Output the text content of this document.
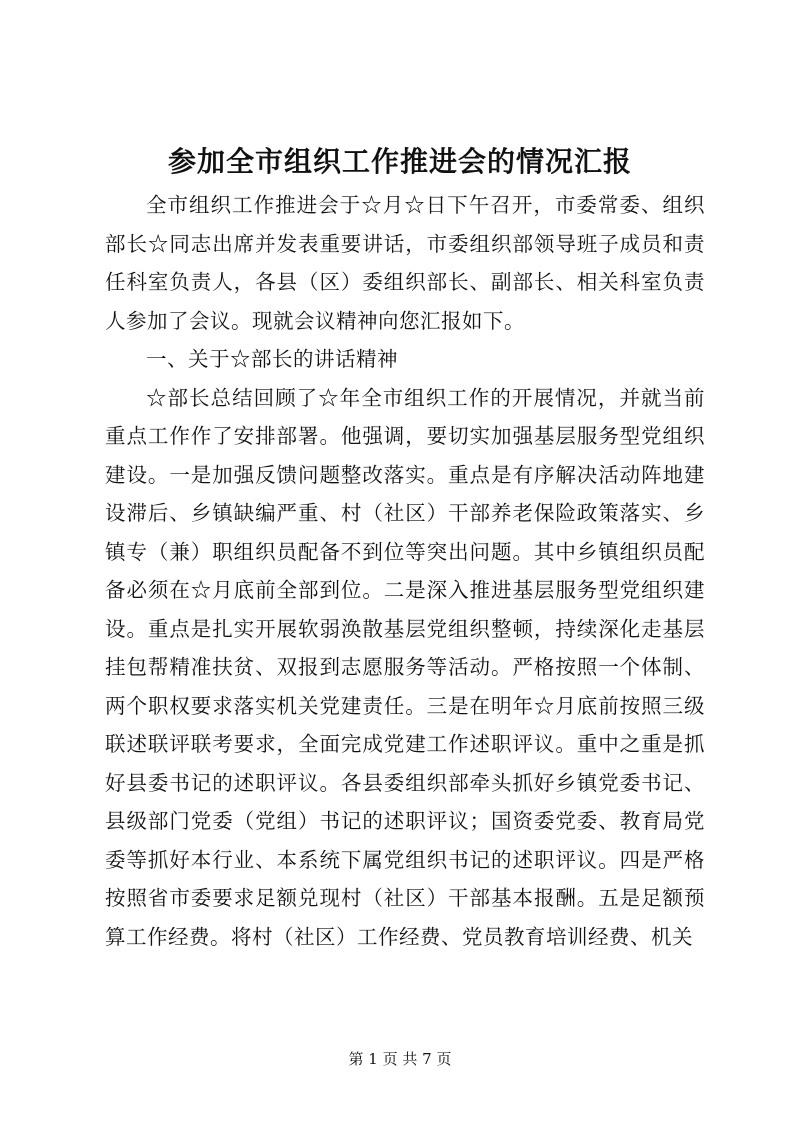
参加全市组织工作推进会的情况汇报

全市组织工作推进会于☆月☆日下午召开，市委常委、组织部长☆同志出席并发表重要讲话，市委组织部领导班子成员和责任科室负责人，各县（区）委组织部长、副部长、相关科室负责人参加了会议。现就会议精神向您汇报如下。

一、关于☆部长的讲话精神

☆部长总结回顾了☆年全市组织工作的开展情况，并就当前重点工作作了安排部署。他强调，要切实加强基层服务型党组织建设。一是加强反馈问题整改落实。重点是有序解决活动阵地建设滞后、乡镇缺编严重、村（社区）干部养老保险政策落实、乡镇专（兼）职组织员配备不到位等突出问题。其中乡镇组织员配备必须在☆月底前全部到位。二是深入推进基层服务型党组织建设。重点是扎实开展软弱涣散基层党组织整顿，持续深化走基层挂包帮精准扶贫、双报到志愿服务等活动。严格按照一个体制、两个职权要求落实机关党建责任。三是在明年☆月底前按照三级联述联评联考要求，全面完成党建工作述职评议。重中之重是抓好县委书记的述职评议。各县委组织部牵头抓好乡镇党委书记、县级部门党委（党组）书记的述职评议；国资委党委、教育局党委等抓好本行业、本系统下属党组织书记的述职评议。四是严格按照省市委要求足额兑现村（社区）干部基本报酬。五是足额预算工作经费。将村（社区）工作经费、党员教育培训经费、机关

第 1 页 共 7 页
